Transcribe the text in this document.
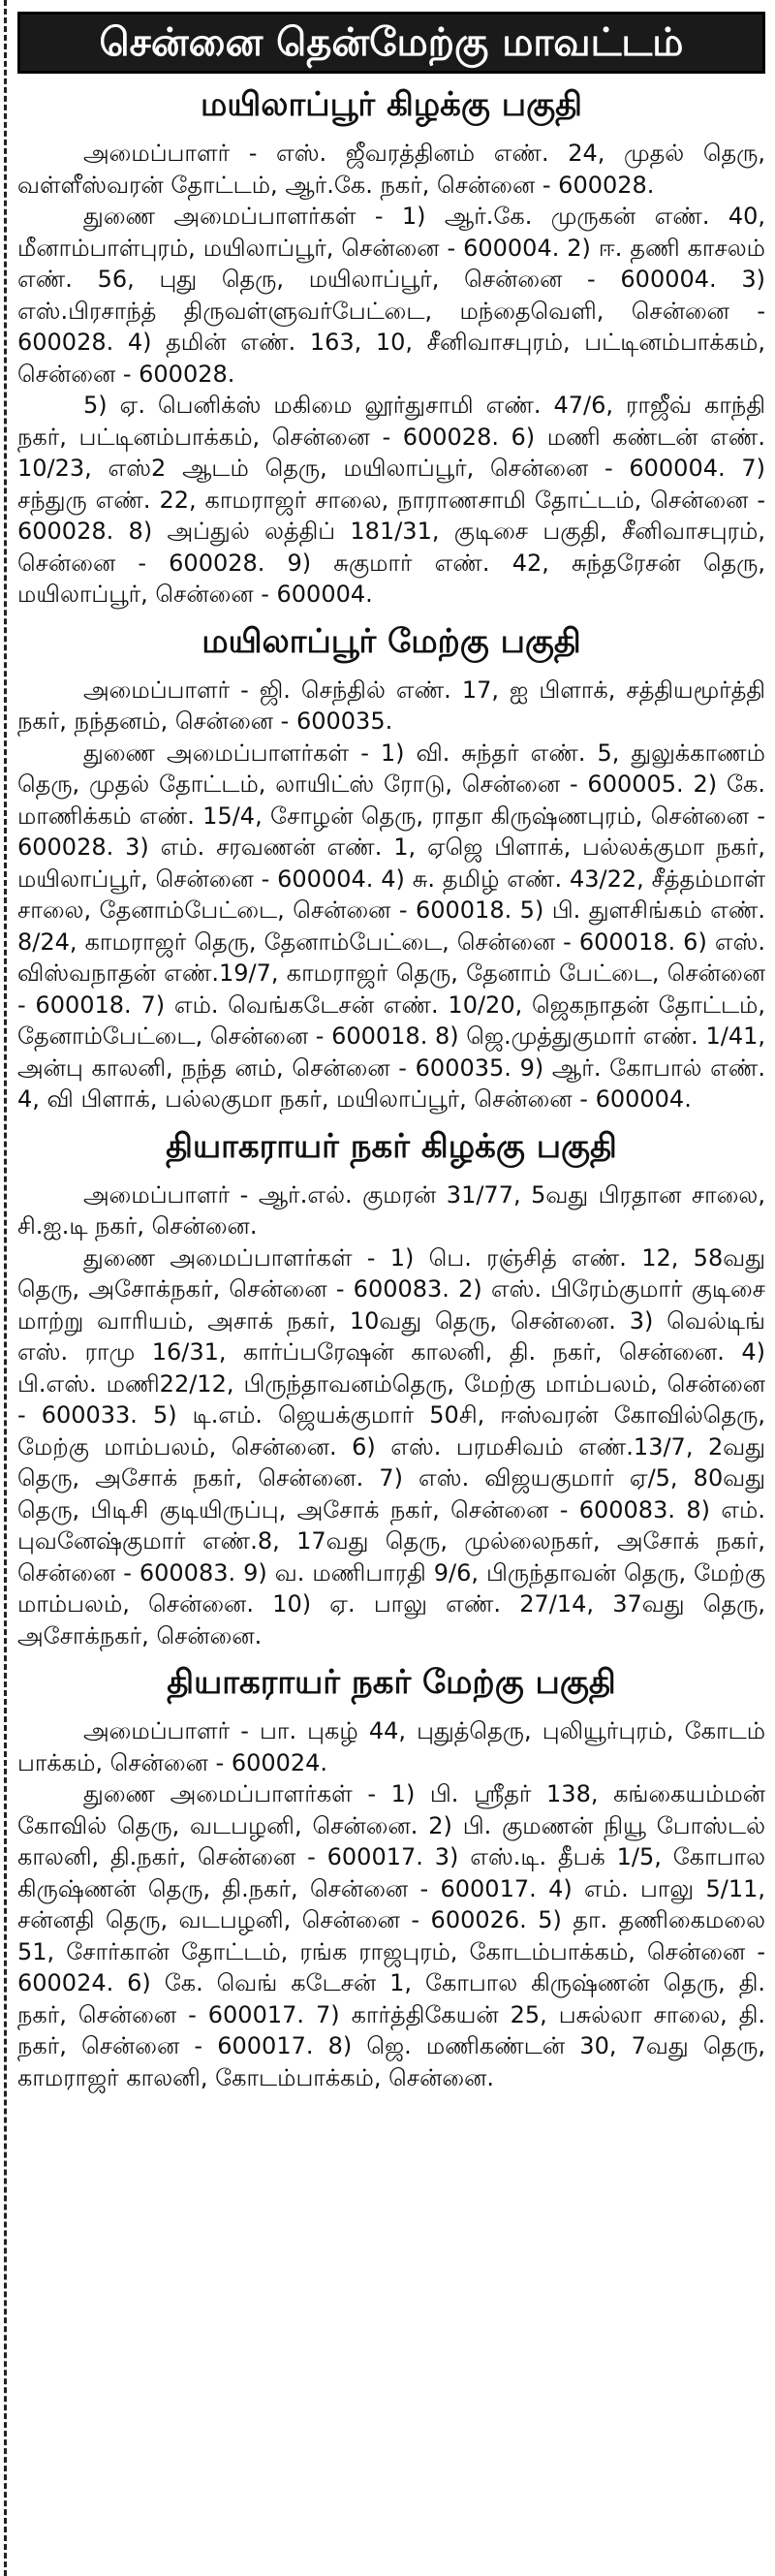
சென்னை தென்மேற்கு மாவட்டம்
மயிலாப்பூர் கிழக்கு பகுதி

அமைப்பாளர் - எஸ். ஜீவரத்தினம் எண். 24, முதல் தெரு, வள்ளீஸ்வரன் தோட்டம், ஆர்.கே. நகர், சென்னை - 600028.

துணை அமைப்பாளர்கள் - 1) ஆர்.கே. முருகன் எண். 40, மீனாம்பாள்புரம், மயிலாப்பூர், சென்னை - 600004. 2) ஈ. தணி காசலம் எண். 56, புது தெரு, மயிலாப்பூர், சென்னை - 600004. 3) எஸ்.பிரசாந்த் திருவள்ளுவர்பேட்டை, மந்தைவெளி, சென்னை - 600028. 4) தமின் எண். 163, 10, சீனிவாசபுரம், பட்டினம்பாக்கம், சென்னை - 600028.

5) ஏ. பெனிக்ஸ் மகிமை லூர்துசாமி எண். 47/6, ராஜீவ் காந்தி நகர், பட்டினம்பாக்கம், சென்னை - 600028. 6) மணி கண்டன் எண். 10/23, எஸ்2 ஆடம் தெரு, மயிலாப்பூர், சென்னை - 600004. 7) சந்துரு எண். 22, காமராஜர் சாலை, நாராணசாமி தோட்டம், சென்னை - 600028. 8) அப்துல் லத்திப் 181/31, குடிசை பகுதி, சீனிவாசபுரம், சென்னை - 600028. 9) சுகுமார் எண். 42, சுந்தரேசன் தெரு, மயிலாப்பூர், சென்னை - 600004.

மயிலாப்பூர் மேற்கு பகுதி

அமைப்பாளர் - ஜி. செந்தில் எண். 17, ஐ பிளாக், சத்தியமூர்த்தி நகர், நந்தனம், சென்னை - 600035.

துணை அமைப்பாளர்கள் - 1) வி. சுந்தர் எண். 5, துலுக்காணம் தெரு, முதல் தோட்டம், லாயிட்ஸ் ரோடு, சென்னை - 600005. 2) கே. மாணிக்கம் எண். 15/4, சோழன் தெரு, ராதா கிருஷ்ணபுரம், சென்னை - 600028. 3) எம். சரவணன் எண். 1, ஏஜெ பிளாக், பல்லக்குமா நகர், மயிலாப்பூர், சென்னை - 600004. 4) சு. தமிழ் எண். 43/22, சீத்தம்மாள் சாலை, தேனாம்பேட்டை, சென்னை - 600018. 5) பி. துளசிங்கம் எண். 8/24, காமராஜர் தெரு, தேனாம்பேட்டை, சென்னை - 600018. 6) எஸ். விஸ்வநாதன் எண்.19/7, காமராஜர் தெரு, தேனாம் பேட்டை, சென்னை - 600018. 7) எம். வெங்கடேசன் எண். 10/20, ஜெகநாதன் தோட்டம், தேனாம்பேட்டை, சென்னை - 600018. 8) ஜெ.முத்துகுமார் எண். 1/41, அன்பு காலனி, நந்த னம், சென்னை - 600035. 9) ஆர். கோபால் எண். 4, வி பிளாக், பல்லகுமா நகர், மயிலாப்பூர், சென்னை - 600004.

தியாகராயர் நகர் கிழக்கு பகுதி

அமைப்பாளர் - ஆர்.எல். குமரன் 31/77, 5வது பிரதான சாலை, சி.ஐ.டி நகர், சென்னை.

துணை அமைப்பாளர்கள் - 1) பெ. ரஞ்சித் எண். 12, 58வது தெரு, அசோக்நகர், சென்னை - 600083. 2) எஸ். பிரேம்குமார் குடிசை மாற்று வாரியம், அசாக் நகர், 10வது தெரு, சென்னை. 3) வெல்டிங் எஸ். ராமு 16/31, கார்ப்பரேஷன் காலனி, தி. நகர், சென்னை. 4) பி.எஸ். மணி22/12, பிருந்தாவனம்தெரு, மேற்கு மாம்பலம், சென்னை - 600033. 5) டி.எம். ஜெயக்குமார் 50சி, ஈஸ்வரன் கோவில்தெரு, மேற்கு மாம்பலம், சென்னை. 6) எஸ். பரமசிவம் எண்.13/7, 2வது தெரு, அசோக் நகர், சென்னை. 7) எஸ். விஜயகுமார் ஏ/5, 80வது தெரு, பிடிசி குடியிருப்பு, அசோக் நகர், சென்னை - 600083. 8) எம். புவனேஷ்குமார் எண்.8, 17வது தெரு, முல்லைநகர், அசோக் நகர், சென்னை - 600083. 9) வ. மணிபாரதி 9/6, பிருந்தாவன் தெரு, மேற்கு மாம்பலம், சென்னை. 10) ஏ. பாலு எண். 27/14, 37வது தெரு, அசோக்நகர், சென்னை.

தியாகராயர் நகர் மேற்கு பகுதி

அமைப்பாளர் - பா. புகழ் 44, புதுத்தெரு, புலியூர்புரம், கோடம் பாக்கம், சென்னை - 600024.

துணை அமைப்பாளர்கள் - 1) பி. ஸ்ரீதர் 138, கங்கையம்மன் கோவில் தெரு, வடபழனி, சென்னை. 2) பி. குமணன் நியூ போஸ்டல் காலனி, தி.நகர், சென்னை - 600017. 3) எஸ்.டி. தீபக் 1/5, கோபால கிருஷ்ணன் தெரு, தி.நகர், சென்னை - 600017. 4) எம். பாலு 5/11, சன்னதி தெரு, வடபழனி, சென்னை - 600026. 5) தா. தணிகைமலை 51, சோர்கான் தோட்டம், ரங்க ராஜபுரம், கோடம்பாக்கம், சென்னை - 600024. 6) கே. வெங் கடேசன் 1, கோபால கிருஷ்ணன் தெரு, தி. நகர், சென்னை - 600017. 7) கார்த்திகேயன் 25, பசுல்லா சாலை, தி. நகர், சென்னை - 600017. 8) ஜெ. மணிகண்டன் 30, 7வது தெரு, காமராஜர் காலனி, கோடம்பாக்கம், சென்னை.
